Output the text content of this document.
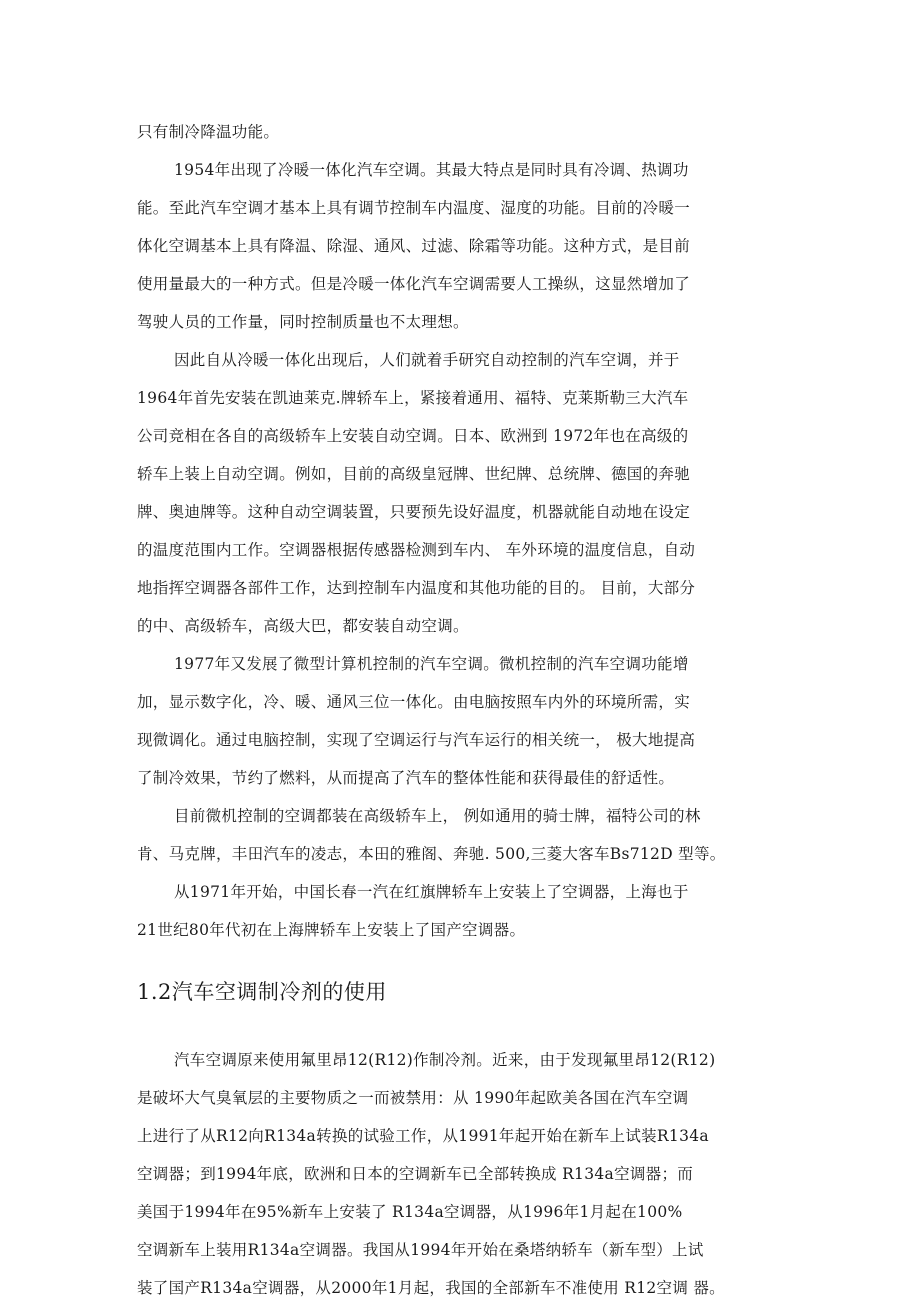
只有制冷降温功能。
1954年出现了冷暖一体化汽车空调。其最大特点是同时具有冷调、热调功
能。至此汽车空调才基本上具有调节控制车内温度、湿度的功能。目前的冷暖一
体化空调基本上具有降温、除湿、通风、过滤、除霜等功能。这种方式，是目前
使用量最大的一种方式。但是冷暖一体化汽车空调需要人工操纵，这显然增加了
驾驶人员的工作量，同时控制质量也不太理想。
因此自从冷暖一体化出现后，人们就着手研究自动控制的汽车空调，并于
1964年首先安装在凯迪莱克.牌轿车上，紧接着通用、福特、克莱斯勒三大汽车
公司竞相在各自的高级轿车上安装自动空调。日本、欧洲到 1972年也在高级的
轿车上装上自动空调。例如，目前的高级皇冠牌、世纪牌、总统牌、德国的奔驰
牌、奥迪牌等。这种自动空调装置，只要预先设好温度，机器就能自动地在设定
的温度范围内工作。空调器根据传感器检测到车内、 车外环境的温度信息，自动
地指挥空调器各部件工作，达到控制车内温度和其他功能的目的。 目前，大部分
的中、高级轿车，高级大巴，都安装自动空调。
1977年又发展了微型计算机控制的汽车空调。微机控制的汽车空调功能增
加，显示数字化，冷、暖、通风三位一体化。由电脑按照车内外的环境所需，实
现微调化。通过电脑控制，实现了空调运行与汽车运行的相关统一， 极大地提高
了制冷效果，节约了燃料，从而提高了汽车的整体性能和获得最佳的舒适性。
目前微机控制的空调都装在高级轿车上， 例如通用的骑士牌，福特公司的林
肯、马克牌，丰田汽车的凌志，本田的雅阁、奔驰. 500,三菱大客车Bs712D 型等。
从1971年开始，中国长春一汽在红旗牌轿车上安装上了空调器，上海也于
21世纪80年代初在上海牌轿车上安装上了国产空调器。
1.2汽车空调制冷剂的使用
汽车空调原来使用氟里昂12(R12)作制冷剂。近来，由于发现氟里昂12(R12)
是破坏大气臭氧层的主要物质之一而被禁用：从 1990年起欧美各国在汽车空调
上进行了从R12向R134a转换的试验工作，从1991年起开始在新车上试装R134a
空调器；到1994年底，欧洲和日本的空调新车已全部转换成 R134a空调器；而
美国于1994年在95%新车上安装了 R134a空调器，从1996年1月起在100%
空调新车上装用R134a空调器。我国从1994年开始在桑塔纳轿车（新车型）上试
装了国产R134a空调器，从2000年1月起，我国的全部新车不准使用 R12空调 器。
